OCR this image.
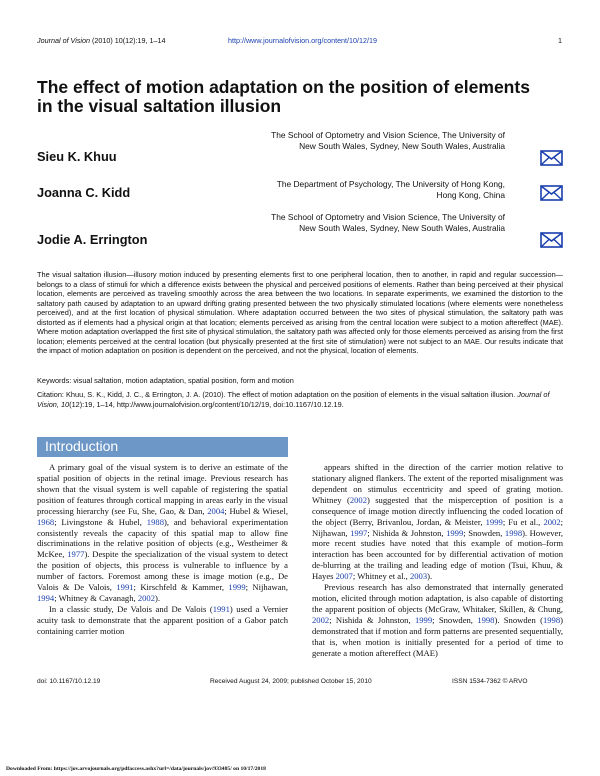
Journal of Vision (2010) 10(12):19, 1–14	http://www.journalofvision.org/content/10/12/19	1
The effect of motion adaptation on the position of elements in the visual saltation illusion
Sieu K. Khuu
The School of Optometry and Vision Science, The University of New South Wales, Sydney, New South Wales, Australia
Joanna C. Kidd
The Department of Psychology, The University of Hong Kong, Hong Kong, China
Jodie A. Errington
The School of Optometry and Vision Science, The University of New South Wales, Sydney, New South Wales, Australia

The visual saltation illusion—illusory motion induced by presenting elements first to one peripheral location, then to another, in rapid and regular succession—belongs to a class of stimuli for which a difference exists between the physical and perceived positions of elements. Rather than being perceived at their physical location, elements are perceived as traveling smoothly across the area between the two locations. In separate experiments, we examined the distortion to the saltatory path caused by adaptation to an upward drifting grating presented between the two physically stimulated locations (where elements were nonetheless perceived), and at the first location of physical stimulation. Where adaptation occurred between the two sites of physical stimulation, the saltatory path was distorted as if elements had a physical origin at that location; elements perceived as arising from the central location were subject to a motion aftereffect (MAE). Where motion adaptation overlapped the first site of physical stimulation, the saltatory path was affected only for those elements perceived as arising from the first location; elements perceived at the central location (but physically presented at the first site of stimulation) were not subject to an MAE. Our results indicate that the impact of motion adaptation on position is dependent on the perceived, and not the physical, location of elements.

Keywords: visual saltation, motion adaptation, spatial position, form and motion

Citation: Khuu, S. K., Kidd, J. C., & Errington, J. A. (2010). The effect of motion adaptation on the position of elements in the visual saltation illusion. Journal of Vision, 10(12):19, 1–14, http://www.journalofvision.org/content/10/12/19, doi:10.1167/10.12.19.

Introduction

A primary goal of the visual system is to derive an estimate of the spatial position of objects in the retinal image. Previous research has shown that the visual system is well capable of registering the spatial position of features through cortical mapping in areas early in the visual processing hierarchy (see Fu, She, Gao, & Dan, 2004; Hubel & Wiesel, 1968; Livingstone & Hubel, 1988), and behavioral experimentation consistently reveals the capacity of this spatial map to allow fine discriminations in the relative position of objects (e.g., Westheimer & McKee, 1977). Despite the specialization of the visual system to detect the position of objects, this process is vulnerable to influence by a number of factors. Foremost among these is image motion (e.g., De Valois & De Valois, 1991; Kirschfeld & Kammer, 1999; Nijhawan, 1994; Whitney & Cavanagh, 2002).

In a classic study, De Valois and De Valois (1991) used a Vernier acuity task to demonstrate that the apparent position of a Gabor patch containing carrier motion

appears shifted in the direction of the carrier motion relative to stationary aligned flankers. The extent of the reported misalignment was dependent on stimulus eccentricity and speed of grating motion. Whitney (2002) suggested that the misperception of position is a consequence of image motion directly influencing the coded location of the object (Berry, Brivanlou, Jordan, & Meister, 1999; Fu et al., 2002; Nijhawan, 1997; Nishida & Johnston, 1999; Snowden, 1998). However, more recent studies have noted that this example of motion–form interaction has been accounted for by differential activation of motion de-blurring at the trailing and leading edge of motion (Tsui, Khuu, & Hayes 2007; Whitney et al., 2003).

Previous research has also demonstrated that internally generated motion, elicited through motion adaptation, is also capable of distorting the apparent position of objects (McGraw, Whitaker, Skillen, & Chung, 2002; Nishida & Johnston, 1999; Snowden, 1998). Snowden (1998) demonstrated that if motion and form patterns are presented sequentially, that is, when motion is initially presented for a period of time to generate a motion aftereffect (MAE)

doi: 10.1167/10.12.19	Received August 24, 2009; published October 15, 2010	ISSN 1534-7362 © ARVO
Downloaded From: https://jov.arvojournals.org/pdfaccess.ashx?url=/data/journals/jov/933485/ on 10/17/2018
